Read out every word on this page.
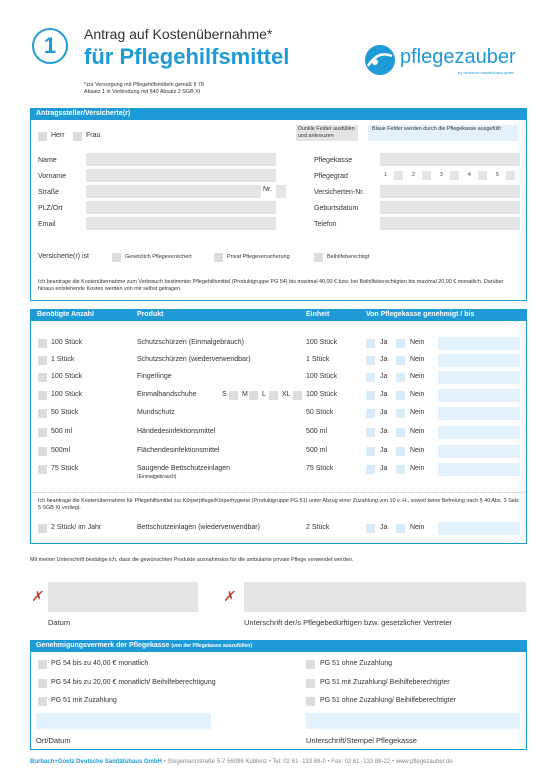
1	Antrag auf Kostenübernahme*
für Pflegehilfsmittel
*zur Versorgung mit Pflegehilfsmitteln gemäß § 78
Absatz 1 in Verbindung mit §40 Absatz 2 SGB XI
pflegezauber
by deutsche sanitätshaus gmbh
Antragssteller/Versicherte(r)
Herr	Frau
Dunkle Felder ausfüllen und ankreuzen
Blaue Felder werden durch die Pflegekasse ausgefüllt
Name
Vorname
Straße	Nr.
PLZ/Ort
Email
Pflegekasse
Pflegegrad	1	2	3	4	5
Versicherten-Nr.
Geburtsdatum
Telefon
Versicherte(r) ist	Gesetzlich Pflegeversichert	Privat Pflegeversicherung	Beihilfeberechtigt
Ich beantrage die Kostenübernahme zum Verbrauch bestimmter Pflegehilfsmittel (Produktgruppe PG 54) bis maximal 40,00 € bzw. bei Beihilfeberechtigten bis maximal 20,00 € monatlich. Darüber hinaus entstehende Kosten werden von mir selbst getragen.
Benötigte Anzahl	Produkt	Einheit	Von Pflegekasse genehmigt / bis
100 Stück	Schutzschürzen (Einmalgebrauch)	100 Stück	Ja	Nein
1 Stück	Schutzschürzen (wiederverwendbar)	1 Stück	Ja	Nein
100 Stück	Fingerlinge	100 Stück	Ja	Nein
100 Stück	Einmalhandschuhe	100 Stück	Ja	Nein
S M L XL
50 Stück	Mundschutz	50 Stück	Ja	Nein
500 ml	Händedesinfektionsmittel	500 ml	Ja	Nein
500ml	Flächendesinfektionsmittel	500 ml	Ja	Nein
75 Stück	Saugende Bettschutzeinlagen	75 Stück	Ja	Nein
(Einmalgebrauch)
Ich beantrage die Kostenübernahme für Pflegehilfsmittel zur Körperpflege/Körperhygiene (Produktgruppe PG 51) unter Abzug einer Zuzahlung von 10 v. H., soweit keine Befreiung nach § 40 Abs. 3 Satz 5 SGB XI vorliegt.
2 Stück/ im Jahr	Bettschutzeinlagen (wiederverwendbar)	2 Stück	Ja	Nein
Mit meiner Unterschrift bestätige ich, dass die gewünschten Produkte ausnahmslos für die ambulante private Pflege verwendet werden.
✗
Datum
✗
Unterschrift der/s Pflegebedürftigen bzw. gesetzlicher Vertreter
Genehmigungsvermerk der Pflegekasse (von der Pflegekasse auszufüllen)
PG 54 bis zu 40,00 € monatlich
PG 54 bis zu 20,00 € monatlich/ Beihilfeberechtigung
PG 51 mit Zuzahlung
PG 51 ohne Zuzahlung
PG 51 mit Zuzahlung/ Beihilfeberechtigter
PG 51 ohne Zuzahlung/ Beihilfeberechtigter
Ort/Datum	Unterschrift/Stempel Pflegekasse
Burbach+Goetz Deutsche Sanitätshaus GmbH • Stegemannstraße 5-7 56086 Koblenz • Tel: 02 61 -133 88-0 • Fax: 02 61 -133 88-22 • www.pflegezauber.de
